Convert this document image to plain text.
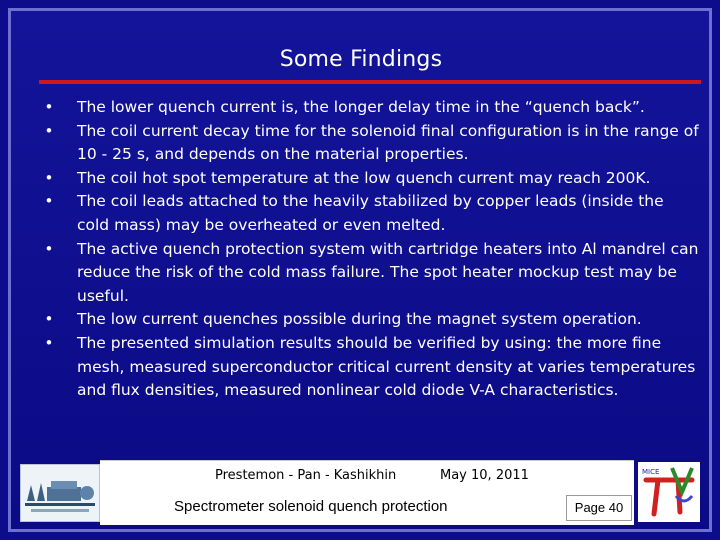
Some Findings
•	The lower quench current is, the longer delay time in the “quench back”.
•	The coil current decay time for the solenoid final configuration is in the range of 10 - 25 s, and depends on the material properties.
•	The coil hot spot temperature at the low quench current may reach 200K.
•	The coil leads attached to the heavily stabilized by copper leads (inside the cold mass) may be overheated or even melted.
•	The active quench protection system with cartridge heaters into Al mandrel can reduce the risk of the cold mass failure. The spot heater mockup test may be useful.
•	The low current quenches possible during the magnet system operation.
•	The presented simulation results should be verified by using: the more fine mesh, measured superconductor critical current density at varies temperatures and flux densities, measured nonlinear cold diode V-A characteristics.
Prestemon - Pan - Kashikhin	May 10, 2011
Spectrometer solenoid quench protection	Page 40
MICE
